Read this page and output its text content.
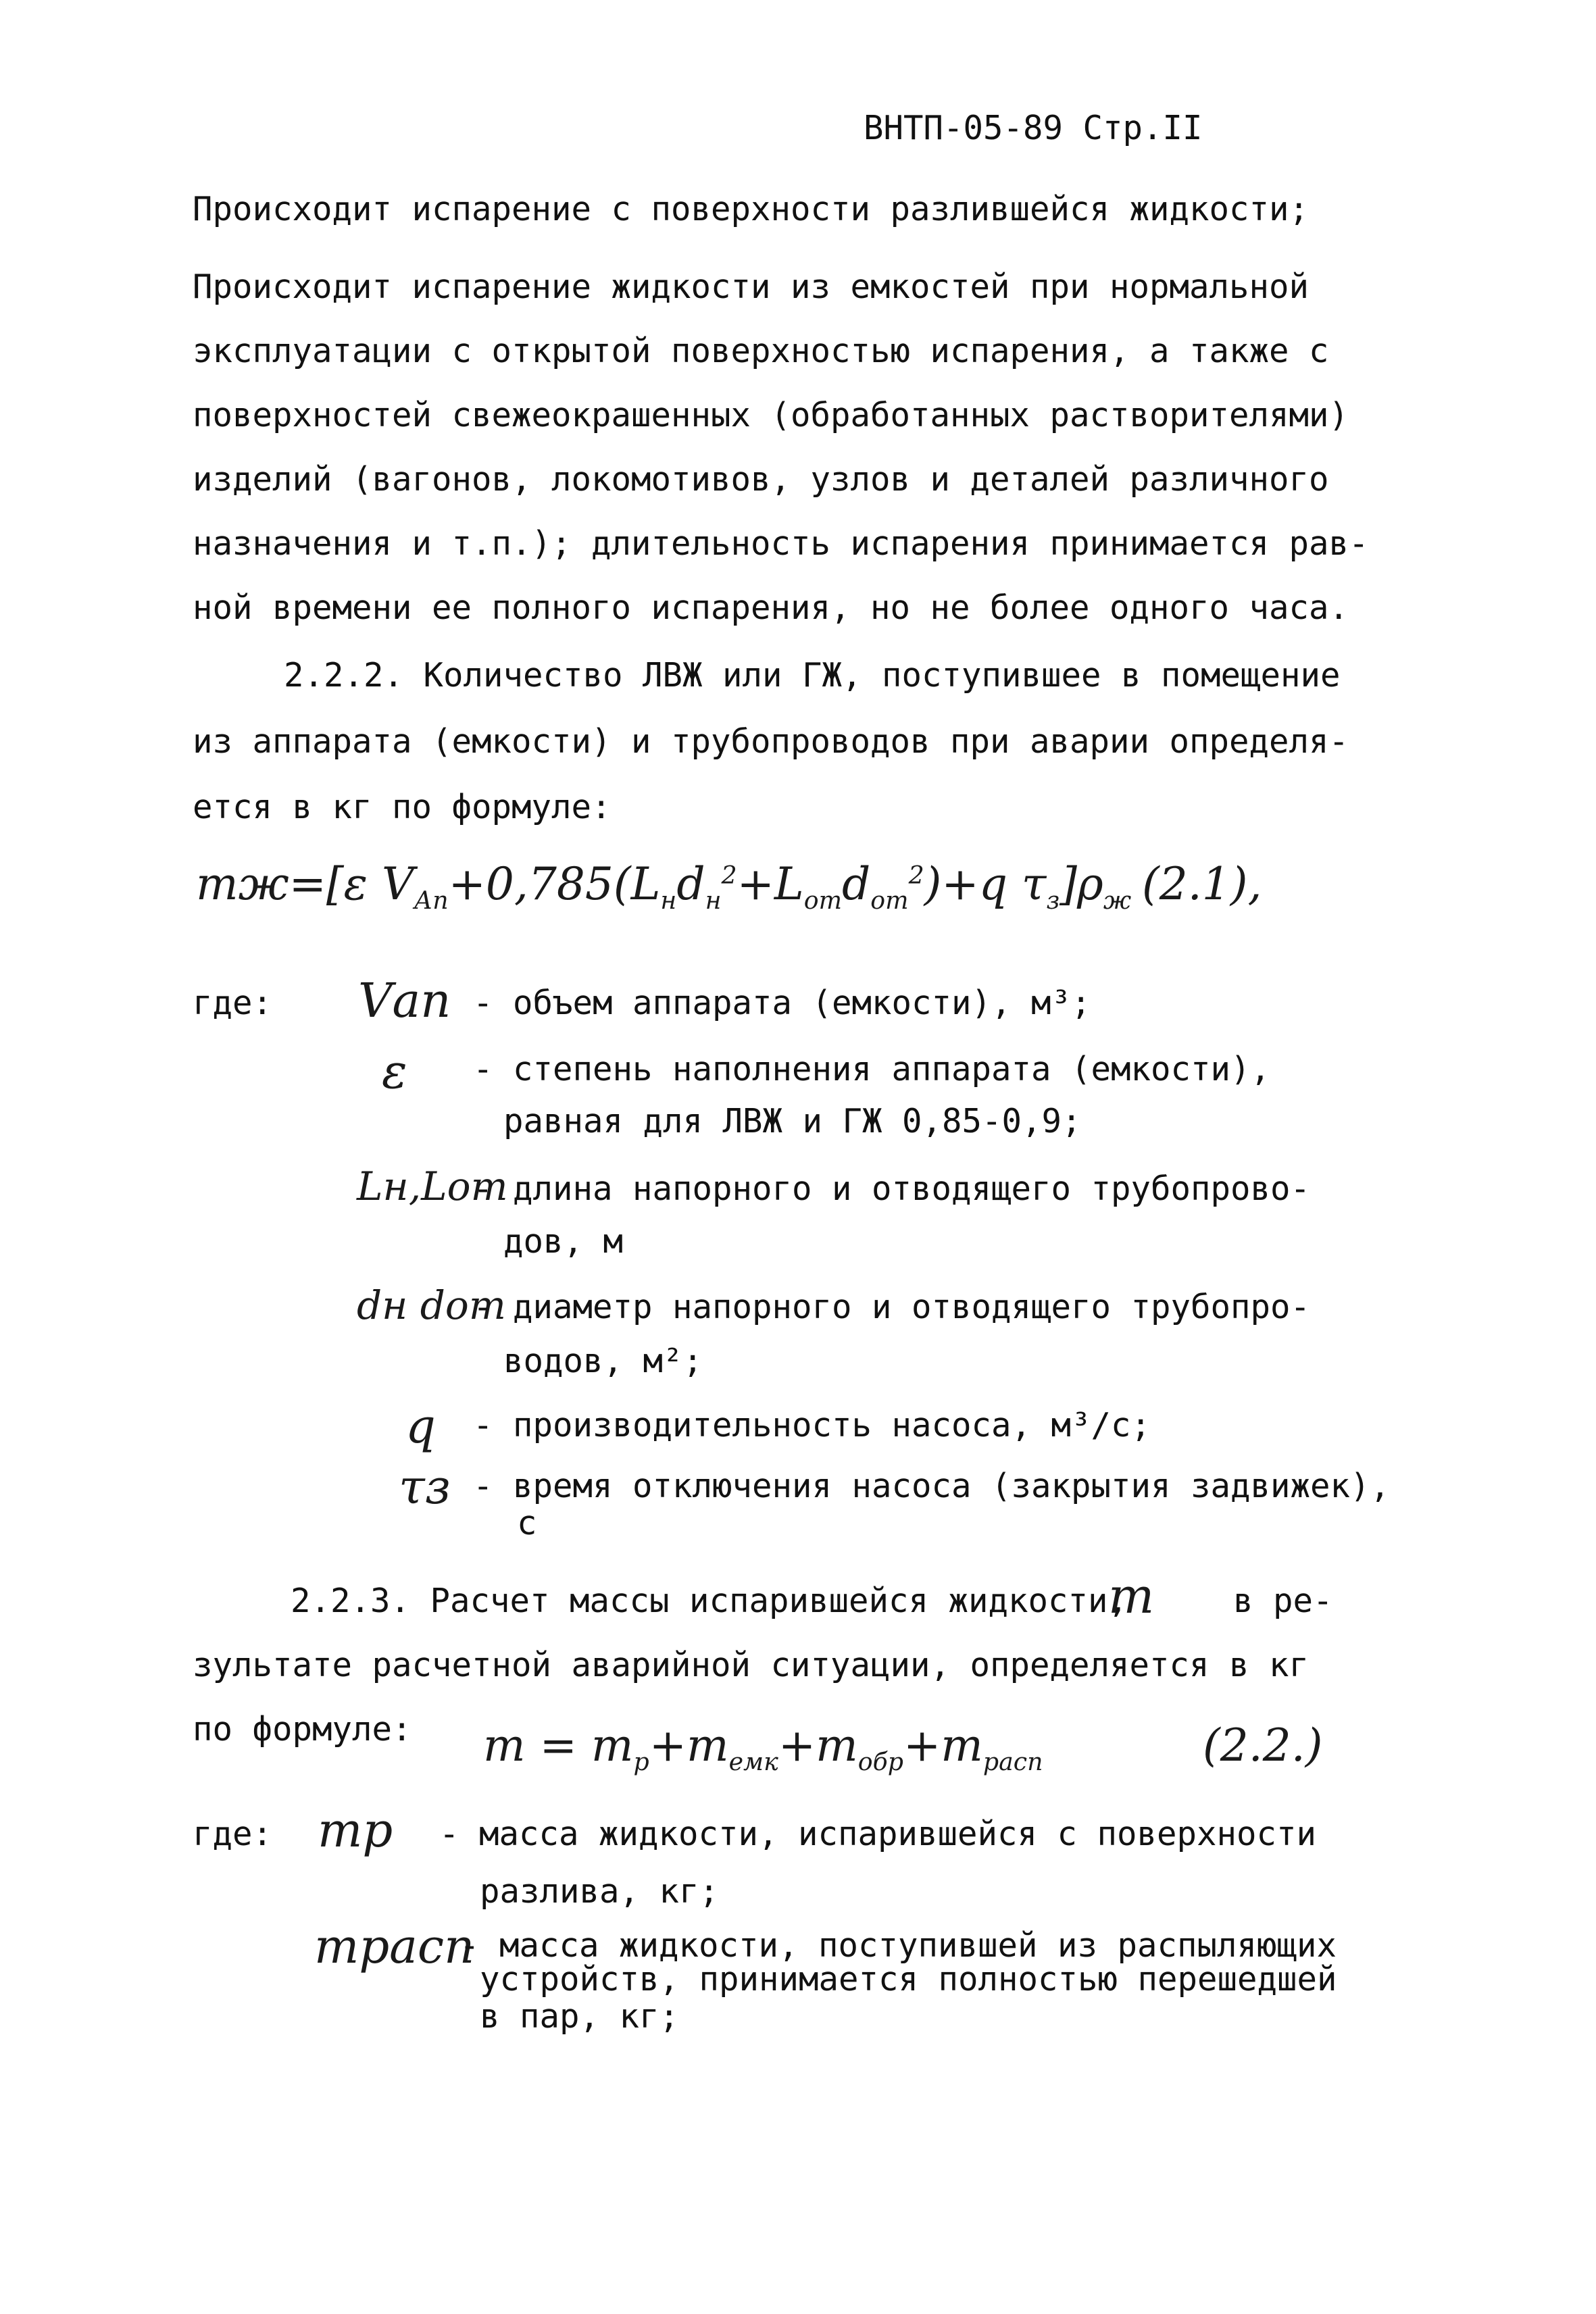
ВНТП-05-89 Стр.II
Происходит испарение с поверхности разлившейся жидкости;
Происходит испарение жидкости из емкостей при нормальной
эксплуатации с открытой поверхностью испарения, а также с
поверхностей свежеокрашенных (обработанных растворителями)
изделий (вагонов, локомотивов, узлов и деталей различного
назначения и т.п.); длительность испарения принимается рав-
ной времени ее полного испарения, но не более одного часа.
2.2.2. Количество ЛВЖ или ГЖ, поступившее в помещение
из аппарата (емкости) и трубопроводов при аварии определя-
ется в кг по формуле:
mж=[ε $V_{Ап}+0,785(L_нd_н^2+L_{от}d_{от}^2)+q$ $\tau_з]\rho_ж$ (2.1),
где: Vап - объем аппарата (емкости), м³;
ε - степень наполнения аппарата (емкости),
равная для ЛВЖ и ГЖ 0,85-0,9;
Lн,Lот
- длина напорного и отводящего трубопрово-
дов, м
dн dот
- диаметр напорного и отводящего трубопро-
водов, м²;
q - производительность насоса, м³/с;
τз - время отключения насоса (закрытия задвижек),
с
2.2.3. Расчет массы испарившейся жидкости,
m в ре-
зультате расчетной аварийной ситуации, определяется в кг
по формуле: $m = m_р+m_{емк}+m_{обр}+m_{расп}$	(2.2.)
где: mр - масса жидкости, испарившейся с поверхности
разлива, кг;
mрасп
- масса жидкости, поступившей из распыляющих
устройств, принимается полностью перешедшей
в пар, кг;
